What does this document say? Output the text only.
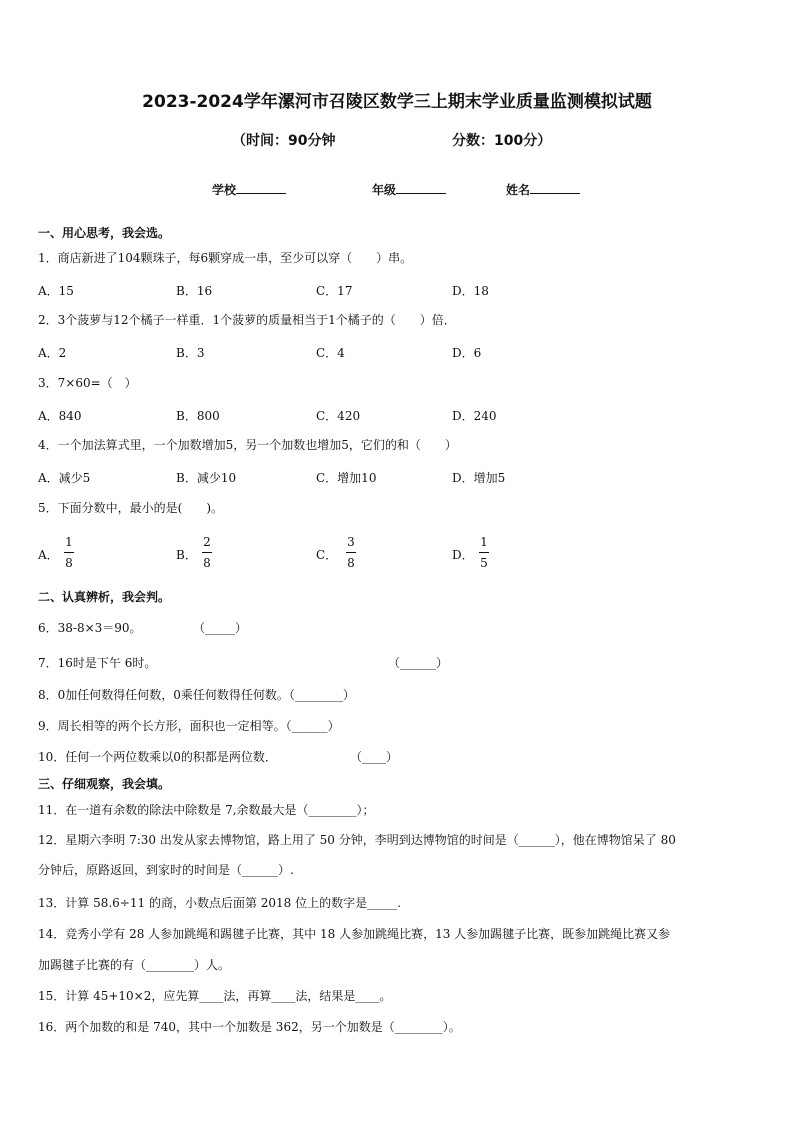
2023-2024学年漯河市召陵区数学三上期末学业质量监测模拟试题
（时间：90分钟	分数：100分）
学校	年级	姓名
一、用心思考，我会选。
1．商店新进了104颗珠子，每6颗穿成一串，至少可以穿（　　）串。
A．15	B．16	C．17	D．18
2．3个菠萝与12个橘子一样重．1个菠萝的质量相当于1个橘子的（　　）倍．
A．2	B．3	C．4	D．6
3．7×60=（　）
A．840	B．800	C．420	D．240
4．一个加法算式里，一个加数增加5，另一个加数也增加5，它们的和（　　）
A．减少5	B．减少10	C．增加10	D．增加5
5．下面分数中，最小的是(　　)。
A．
1
8
B．
2
8
C．
3
8
D．
1
5
二、认真辨析，我会判。
6．38-8×3＝90。	（_____）
7．16时是下午 6时。	（______）
8．0加任何数得任何数，0乘任何数得任何数。（________）
9．周长相等的两个长方形，面积也一定相等。（______）
10．任何一个两位数乘以0的积都是两位数．	（____）
三、仔细观察，我会填。
11．在一道有余数的除法中除数是 7,余数最大是（________）；
12．星期六李明 7:30 出发从家去博物馆，路上用了 50 分钟，李明到达博物馆的时间是（______），他在博物馆呆了 80
分钟后，原路返回，到家时的时间是（______）.
13．计算 58.6÷11 的商，小数点后面第 2018 位上的数字是_____.
14．竞秀小学有 28 人参加跳绳和踢毽子比赛，其中 18 人参加跳绳比赛，13 人参加踢毽子比赛，既参加跳绳比赛又参
加踢毽子比赛的有（________）人。
15．计算 45+10×2，应先算____法，再算____法，结果是____。
16．两个加数的和是 740，其中一个加数是 362，另一个加数是（________）。
